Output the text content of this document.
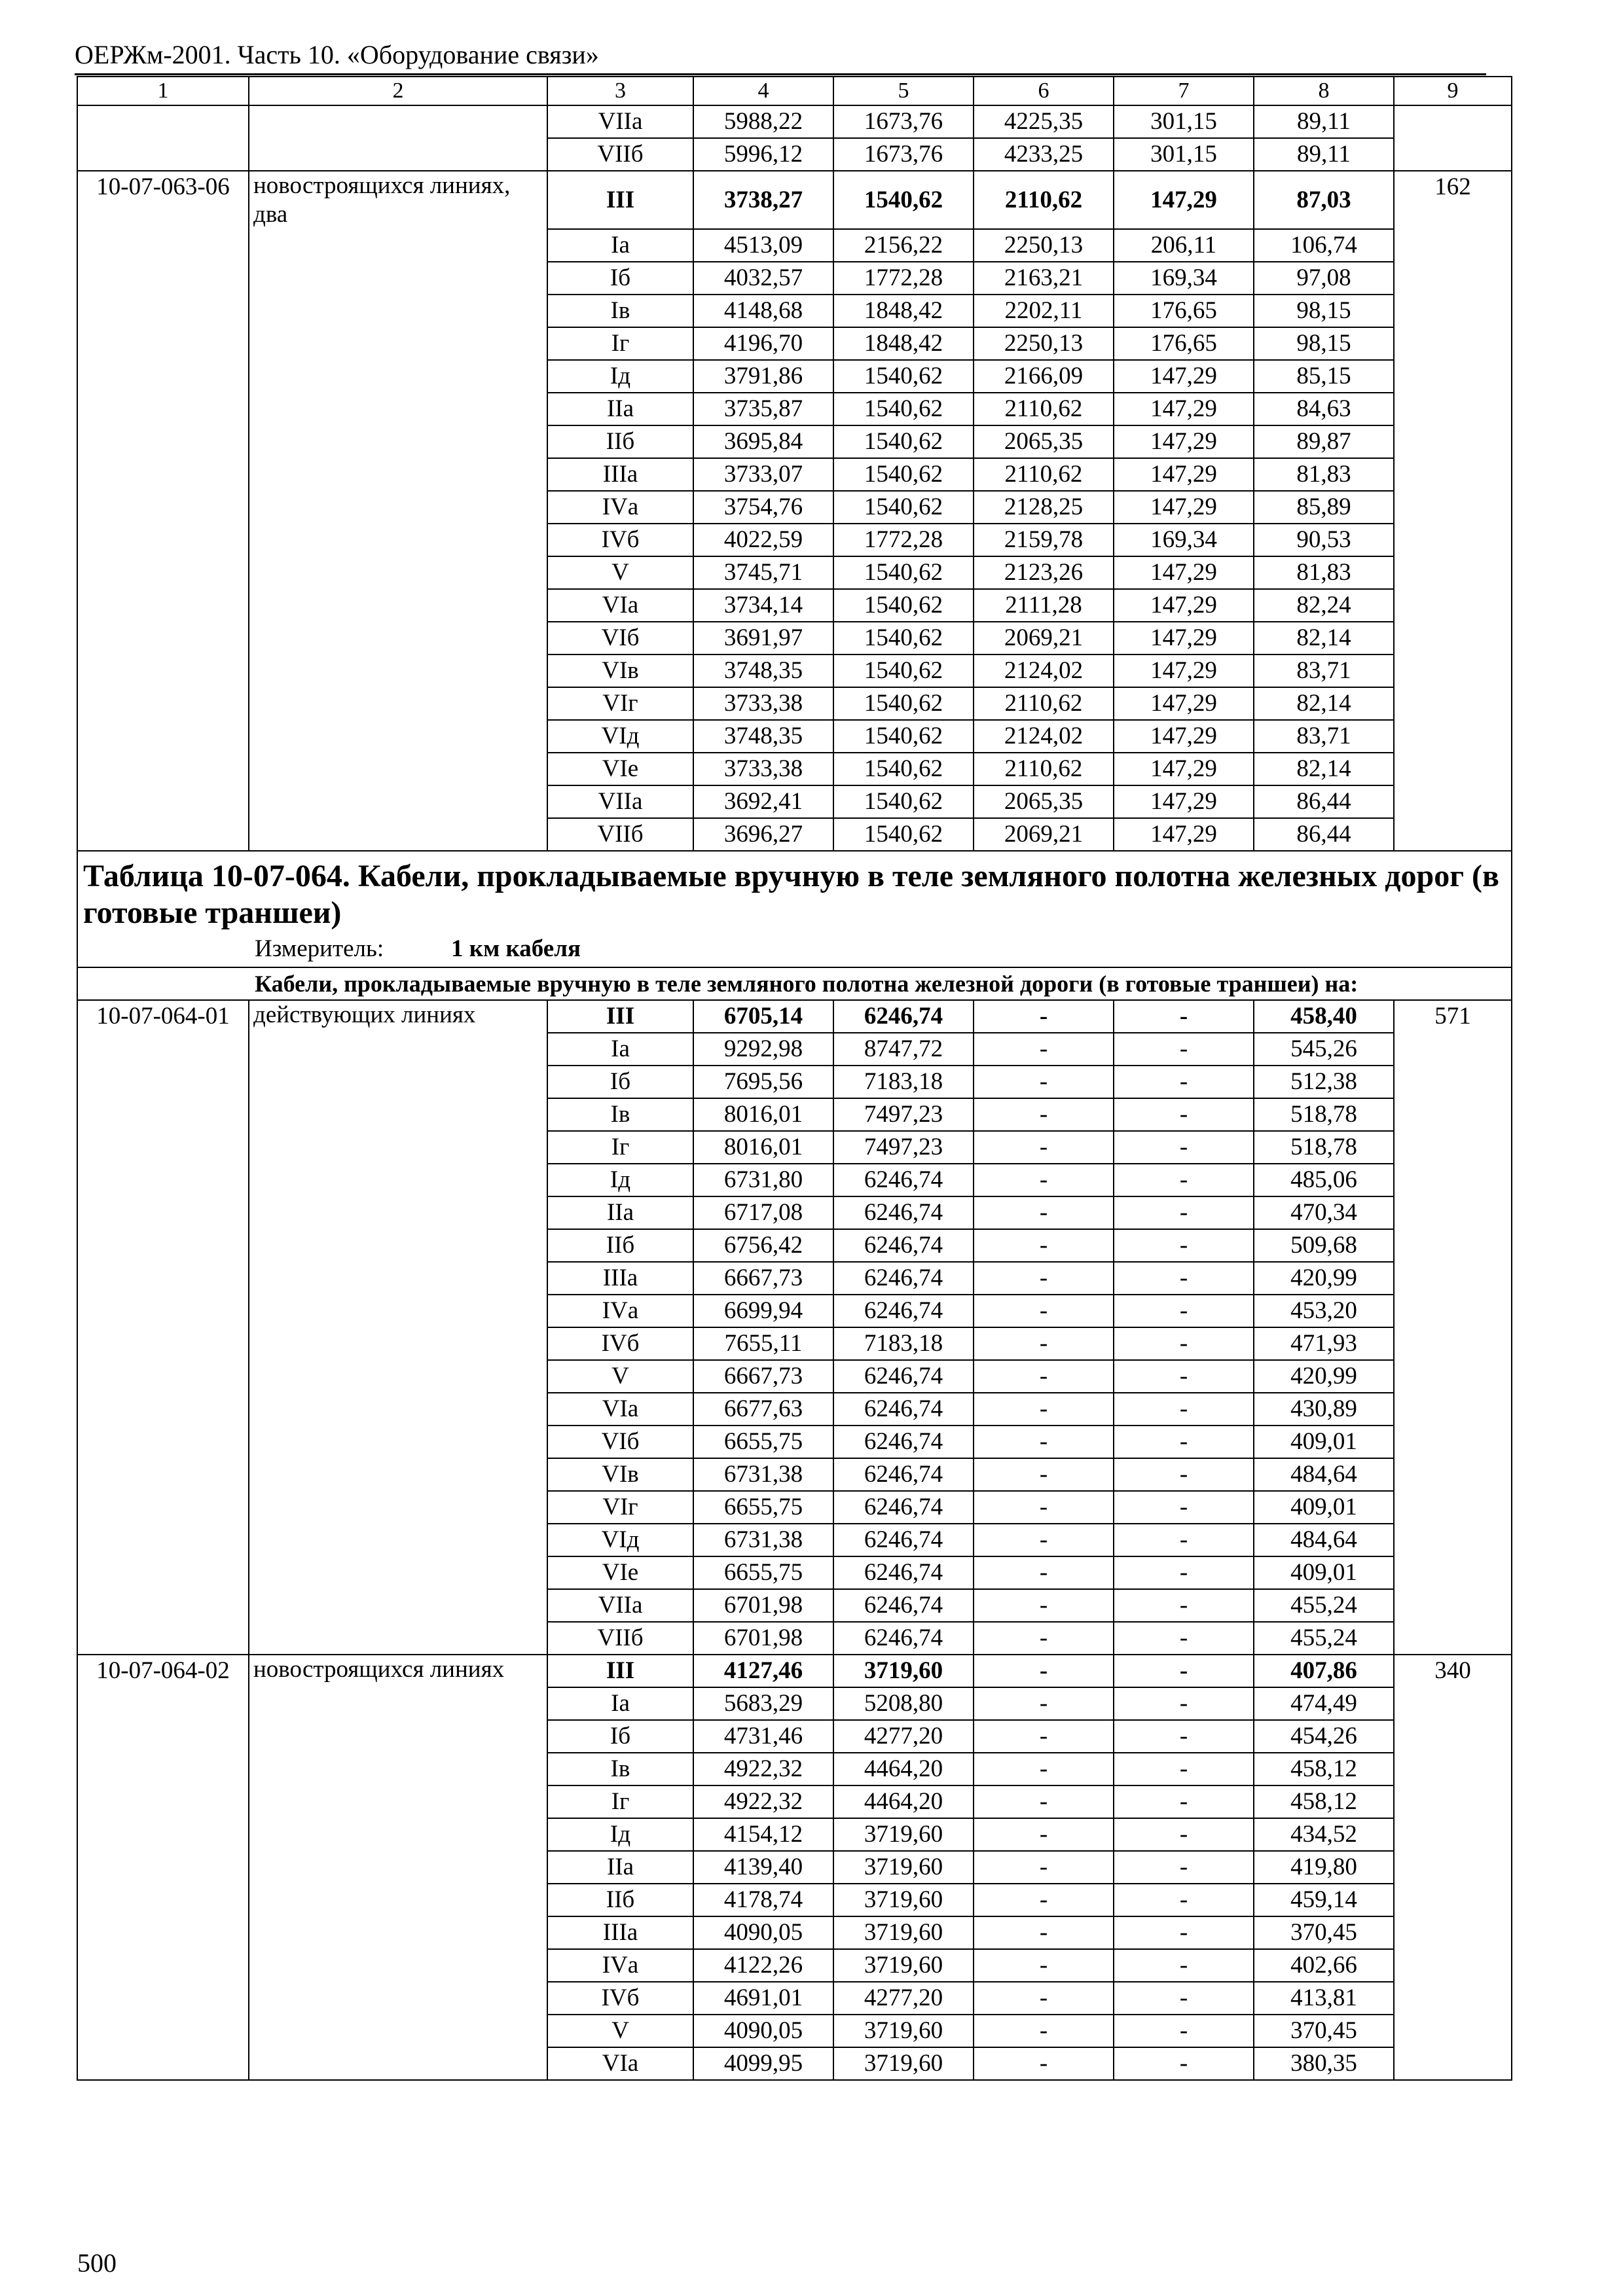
ОЕРЖм-2001. Часть 10. «Оборудование связи»
1	2	3	4	5	6	7	8	9
		VIIа	5988,22	1673,76	4225,35	301,15	89,11	
		VIIб	5996,12	1673,76	4233,25	301,15	89,11	
10-07-063-06	новостроящихся линиях, два	III	3738,27	1540,62	2110,62	147,29	87,03	162
		Iа	4513,09	2156,22	2250,13	206,11	106,74	
		Iб	4032,57	1772,28	2163,21	169,34	97,08	
		Iв	4148,68	1848,42	2202,11	176,65	98,15	
		Iг	4196,70	1848,42	2250,13	176,65	98,15	
		Iд	3791,86	1540,62	2166,09	147,29	85,15	
		IIа	3735,87	1540,62	2110,62	147,29	84,63	
		IIб	3695,84	1540,62	2065,35	147,29	89,87	
		IIIа	3733,07	1540,62	2110,62	147,29	81,83	
		IVа	3754,76	1540,62	2128,25	147,29	85,89	
		IVб	4022,59	1772,28	2159,78	169,34	90,53	
		V	3745,71	1540,62	2123,26	147,29	81,83	
		VIа	3734,14	1540,62	2111,28	147,29	82,24	
		VIб	3691,97	1540,62	2069,21	147,29	82,14	
		VIв	3748,35	1540,62	2124,02	147,29	83,71	
		VIг	3733,38	1540,62	2110,62	147,29	82,14	
		VIд	3748,35	1540,62	2124,02	147,29	83,71	
		VIе	3733,38	1540,62	2110,62	147,29	82,14	
		VIIа	3692,41	1540,62	2065,35	147,29	86,44	
		VIIб	3696,27	1540,62	2069,21	147,29	86,44	

Таблица 10-07-064. Кабели, прокладываемые вручную в теле земляного полотна железных дорог (в готовые траншеи)
Измеритель: 1 км кабеля								

Кабели, прокладываемые вручную в теле земляного полотна железной дороги (в готовые траншеи) на:								
10-07-064-01	действующих линиях	III	6705,14	6246,74	-	-	458,40	571
		Iа	9292,98	8747,72	-	-	545,26	
		Iб	7695,56	7183,18	-	-	512,38	
		Iв	8016,01	7497,23	-	-	518,78	
		Iг	8016,01	7497,23	-	-	518,78	
		Iд	6731,80	6246,74	-	-	485,06	
		IIа	6717,08	6246,74	-	-	470,34	
		IIб	6756,42	6246,74	-	-	509,68	
		IIIа	6667,73	6246,74	-	-	420,99	
		IVа	6699,94	6246,74	-	-	453,20	
		IVб	7655,11	7183,18	-	-	471,93	
		V	6667,73	6246,74	-	-	420,99	
		VIа	6677,63	6246,74	-	-	430,89	
		VIб	6655,75	6246,74	-	-	409,01	
		VIв	6731,38	6246,74	-	-	484,64	
		VIг	6655,75	6246,74	-	-	409,01	
		VIд	6731,38	6246,74	-	-	484,64	
		VIе	6655,75	6246,74	-	-	409,01	
		VIIа	6701,98	6246,74	-	-	455,24	
		VIIб	6701,98	6246,74	-	-	455,24	
10-07-064-02	новостроящихся линиях	III	4127,46	3719,60	-	-	407,86	340
		Iа	5683,29	5208,80	-	-	474,49	
		Iб	4731,46	4277,20	-	-	454,26	
		Iв	4922,32	4464,20	-	-	458,12	
		Iг	4922,32	4464,20	-	-	458,12	
		Iд	4154,12	3719,60	-	-	434,52	
		IIа	4139,40	3719,60	-	-	419,80	
		IIб	4178,74	3719,60	-	-	459,14	
		IIIа	4090,05	3719,60	-	-	370,45	
		IVа	4122,26	3719,60	-	-	402,66	
		IVб	4691,01	4277,20	-	-	413,81	
		V	4090,05	3719,60	-	-	370,45	
		VIа	4099,95	3719,60	-	-	380,35	
500
